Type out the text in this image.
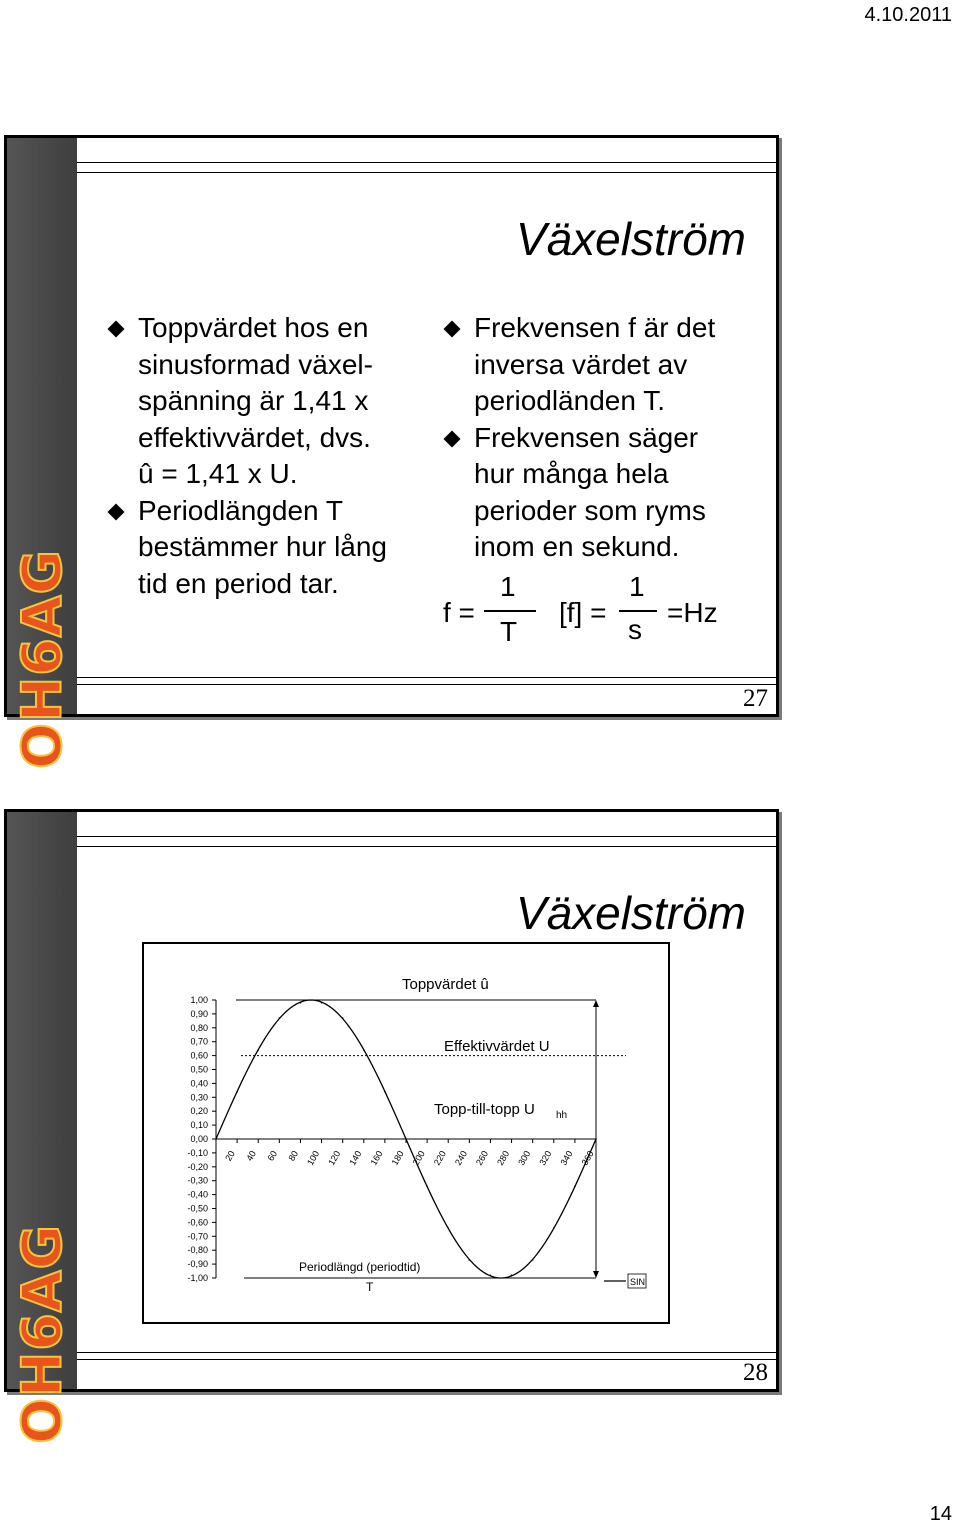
4.10.2011
OH6AG
Växelström
Toppvärdet hos en
sinusformad växel-
spänning är 1,41 x
effektivvärdet, dvs.
û = 1,41 x U.
Periodlängden T
bestämmer hur lång
tid en period tar.
Frekvensen f är det
inversa värdet av
periodländen T.
Frekvensen säger
hur många hela
perioder som ryms
inom en sekund.
f =
1
T
[f] =
1
s
=Hz
27
OH6AG
Växelström
1,00
0,90
0,80
0,70
0,60
0,50
0,40
0,30
0,20
0,10
0,00
-0,10
-0,20
-0,30
-0,40
-0,50
-0,60
-0,70
-0,80
-0,90
-1,00
20 40 60 80 100 120 140 160 180 200 220 240 260 280 300 320 340 360
Toppvärdet û
Effektivvärdet U
Topp-till-topp U hh
Periodlängd (periodtid)
T	SIN
28
14
